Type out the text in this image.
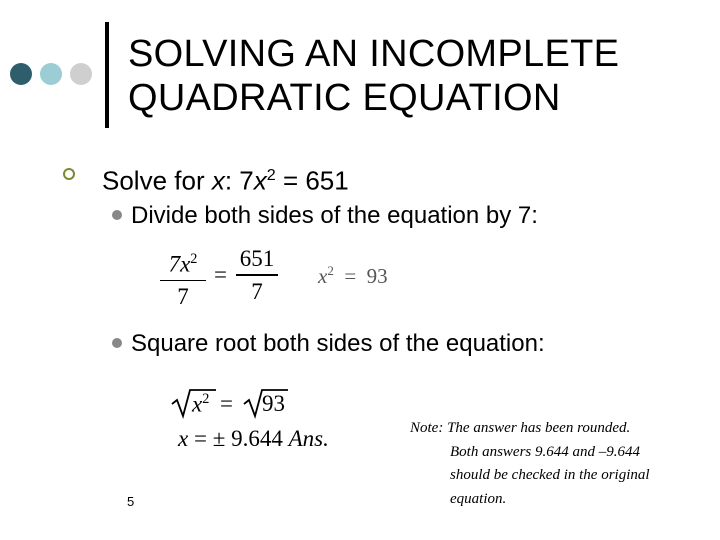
SOLVING AN INCOMPLETE
QUADRATIC EQUATION
Solve for x: $7x^2 = 651$
Divide both sides of the equation by 7:
$7x^2$
7
=
651
7
$x^2 = 93$
Square root both sides of the equation:
$x^2 = 93$
x = ± 9.644 Ans.	Note: The answer has been rounded.
Both answers 9.644 and –9.644
should be checked in the original
equation.
5
